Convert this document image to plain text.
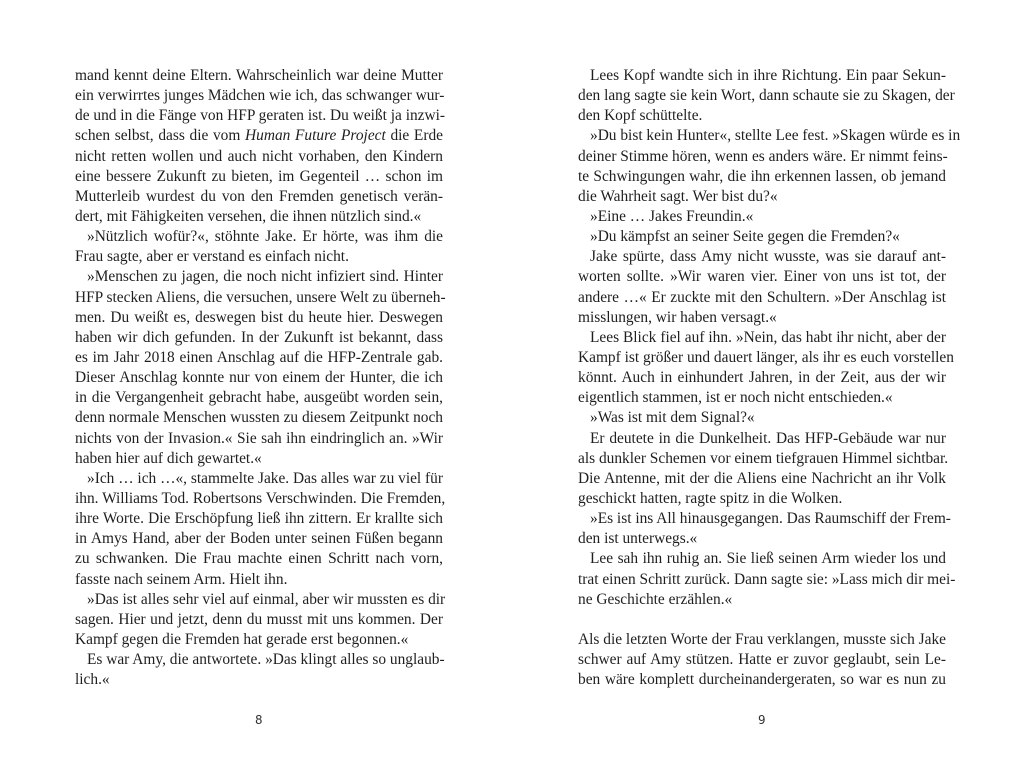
mand kennt deine Eltern. Wahrscheinlich war deine Mutter
ein verwirrtes junges Mädchen wie ich, das schwanger wur-
de und in die Fänge von HFP geraten ist. Du weißt ja inzwi-
schen selbst, dass die vom Human Future Project die Erde
nicht retten wollen und auch nicht vorhaben, den Kindern
eine bessere Zukunft zu bieten, im Gegenteil … schon im
Mutterleib wurdest du von den Fremden genetisch verän-
dert, mit Fähigkeiten versehen, die ihnen nützlich sind.«
»Nützlich wofür?«, stöhnte Jake. Er hörte, was ihm die
Frau sagte, aber er verstand es einfach nicht.
»Menschen zu jagen, die noch nicht infiziert sind. Hinter
HFP stecken Aliens, die versuchen, unsere Welt zu überneh-
men. Du weißt es, deswegen bist du heute hier. Deswegen
haben wir dich gefunden. In der Zukunft ist bekannt, dass
es im Jahr 2018 einen Anschlag auf die HFP-Zentrale gab.
Dieser Anschlag konnte nur von einem der Hunter, die ich
in die Vergangenheit gebracht habe, ausgeübt worden sein,
denn normale Menschen wussten zu diesem Zeitpunkt noch
nichts von der Invasion.« Sie sah ihn eindringlich an. »Wir
haben hier auf dich gewartet.«
»Ich … ich …«, stammelte Jake. Das alles war zu viel für
ihn. Williams Tod. Robertsons Verschwinden. Die Fremden,
ihre Worte. Die Erschöpfung ließ ihn zittern. Er krallte sich
in Amys Hand, aber der Boden unter seinen Füßen begann
zu schwanken. Die Frau machte einen Schritt nach vorn,
fasste nach seinem Arm. Hielt ihn.
»Das ist alles sehr viel auf einmal, aber wir mussten es dir
sagen. Hier und jetzt, denn du musst mit uns kommen. Der
Kampf gegen die Fremden hat gerade erst begonnen.«
Es war Amy, die antwortete. »Das klingt alles so unglaub-
lich.«
Lees Kopf wandte sich in ihre Richtung. Ein paar Sekun-
den lang sagte sie kein Wort, dann schaute sie zu Skagen, der
den Kopf schüttelte.
»Du bist kein Hunter«, stellte Lee fest. »Skagen würde es in
deiner Stimme hören, wenn es anders wäre. Er nimmt feins-
te Schwingungen wahr, die ihn erkennen lassen, ob jemand
die Wahrheit sagt. Wer bist du?«
»Eine … Jakes Freundin.«
»Du kämpfst an seiner Seite gegen die Fremden?«
Jake spürte, dass Amy nicht wusste, was sie darauf ant-
worten sollte. »Wir waren vier. Einer von uns ist tot, der
andere …« Er zuckte mit den Schultern. »Der Anschlag ist
misslungen, wir haben versagt.«
Lees Blick fiel auf ihn. »Nein, das habt ihr nicht, aber der
Kampf ist größer und dauert länger, als ihr es euch vorstellen
könnt. Auch in einhundert Jahren, in der Zeit, aus der wir
eigentlich stammen, ist er noch nicht entschieden.«
»Was ist mit dem Signal?«
Er deutete in die Dunkelheit. Das HFP-Gebäude war nur
als dunkler Schemen vor einem tiefgrauen Himmel sichtbar.
Die Antenne, mit der die Aliens eine Nachricht an ihr Volk
geschickt hatten, ragte spitz in die Wolken.
»Es ist ins All hinausgegangen. Das Raumschiff der Frem-
den ist unterwegs.«
Lee sah ihn ruhig an. Sie ließ seinen Arm wieder los und
trat einen Schritt zurück. Dann sagte sie: »Lass mich dir mei-
ne Geschichte erzählen.«
Als die letzten Worte der Frau verklangen, musste sich Jake
schwer auf Amy stützen. Hatte er zuvor geglaubt, sein Le-
ben wäre komplett durcheinandergeraten, so war es nun zu
8	9
